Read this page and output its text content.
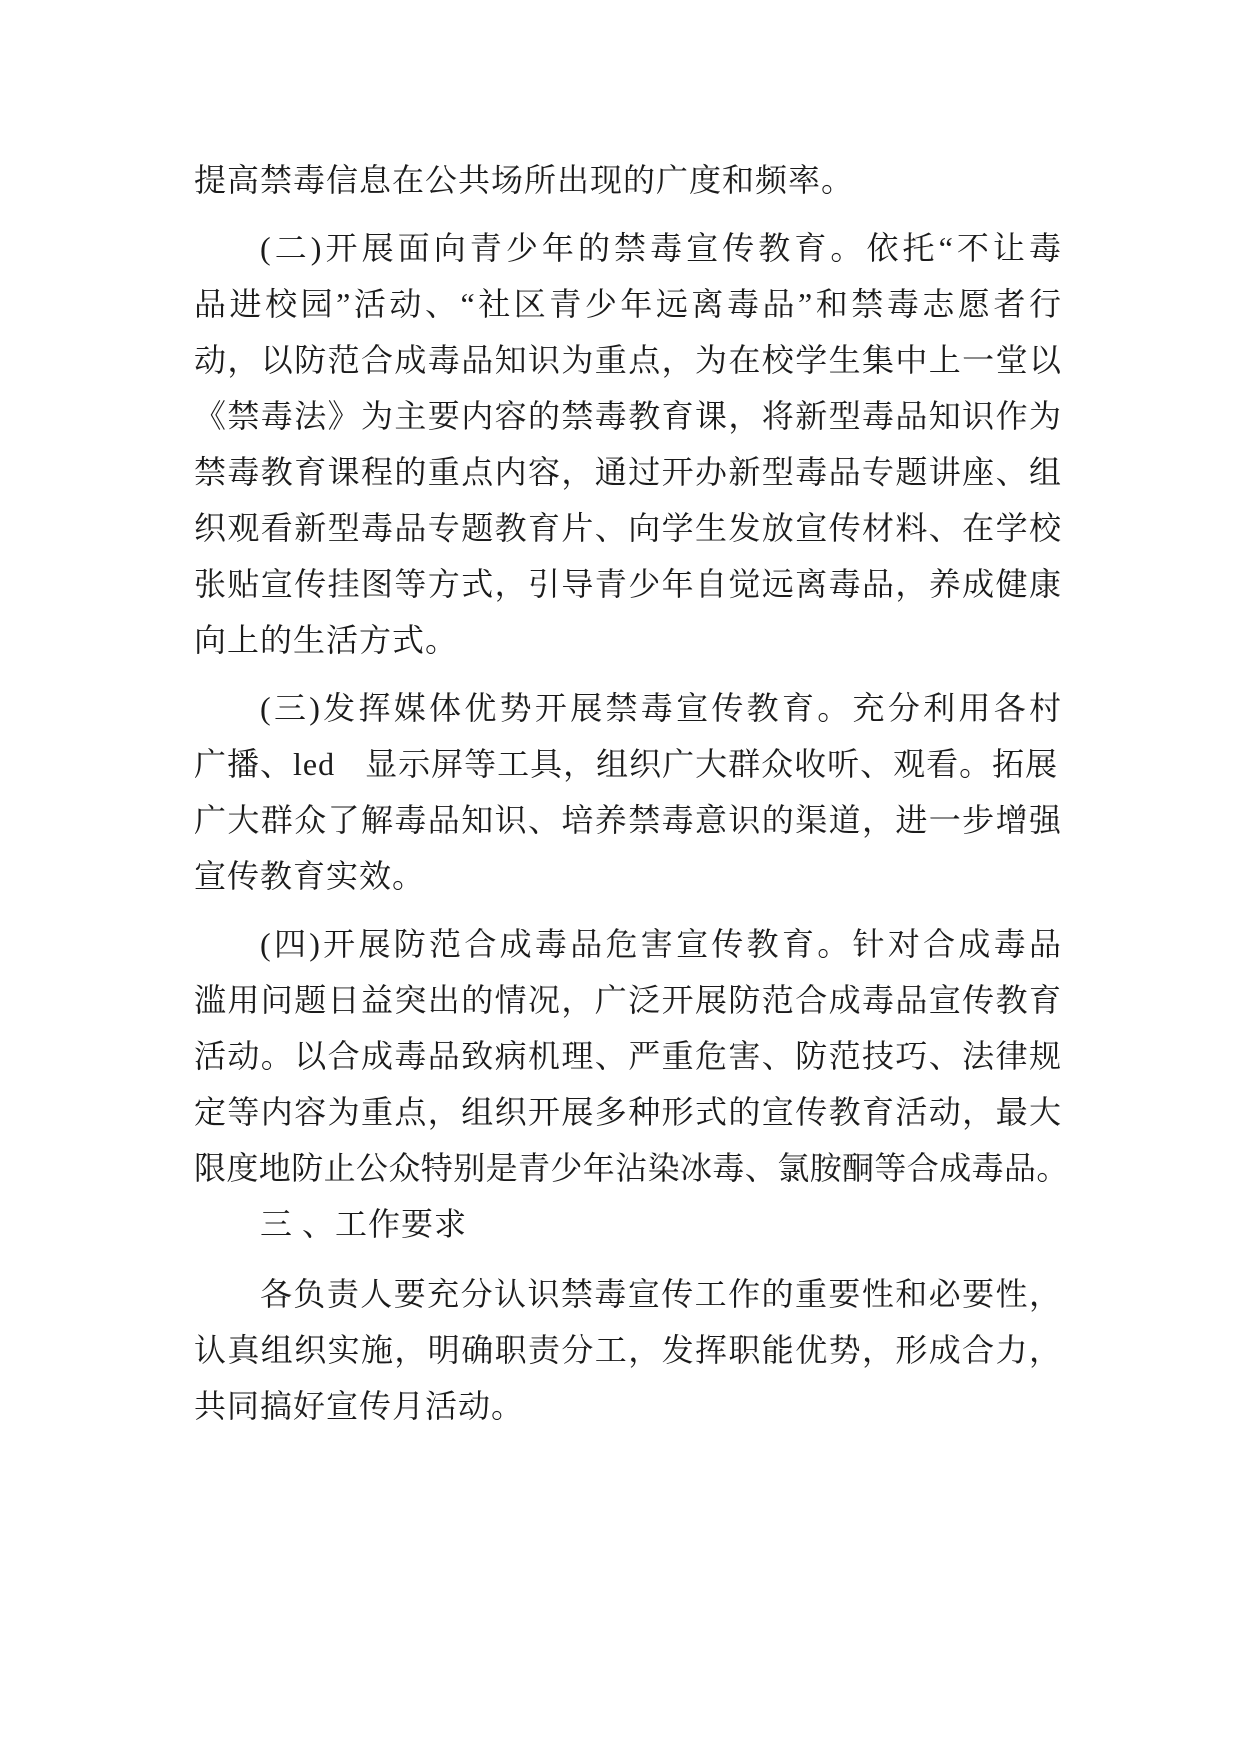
提高禁毒信息在公共场所出现的广度和频率。
(二)开展面向青少年的禁毒宣传教育。依托“不让毒
品进校园”活动、“社区青少年远离毒品”和禁毒志愿者行
动，以防范合成毒品知识为重点，为在校学生集中上一堂以
《禁毒法》为主要内容的禁毒教育课，将新型毒品知识作为
禁毒教育课程的重点内容，通过开办新型毒品专题讲座、组
织观看新型毒品专题教育片、向学生发放宣传材料、在学校
张贴宣传挂图等方式，引导青少年自觉远离毒品，养成健康
向上的生活方式。
(三)发挥媒体优势开展禁毒宣传教育。充分利用各村
广播、led  显示屏等工具，组织广大群众收听、观看。拓展
广大群众了解毒品知识、培养禁毒意识的渠道，进一步增强
宣传教育实效。
(四)开展防范合成毒品危害宣传教育。针对合成毒品
滥用问题日益突出的情况，广泛开展防范合成毒品宣传教育
活动。以合成毒品致病机理、严重危害、防范技巧、法律规
定等内容为重点，组织开展多种形式的宣传教育活动，最大
限度地防止公众特别是青少年沾染冰毒、氯胺酮等合成毒品。
三 、工作要求
各负责人要充分认识禁毒宣传工作的重要性和必要性，
认真组织实施，明确职责分工，发挥职能优势，形成合力，
共同搞好宣传月活动。
